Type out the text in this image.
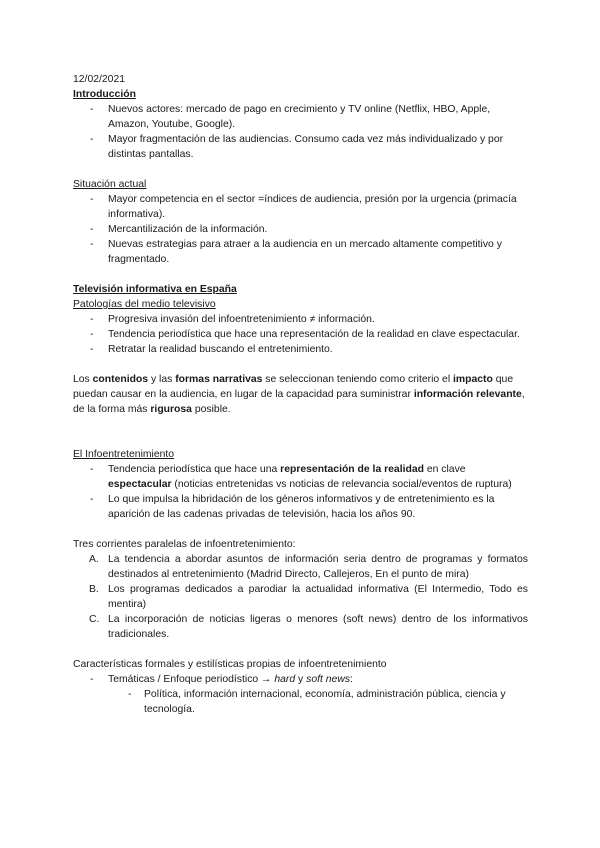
12/02/2021

Introducción

- Nuevos actores: mercado de pago en crecimiento y TV online (Netflix, HBO, Apple, Amazon, Youtube, Google).
- Mayor fragmentación de las audiencias. Consumo cada vez más individualizado y por distintas pantallas.

Situación actual

- Mayor competencia en el sector =índices de audiencia, presión por la urgencia (primacía informativa).
- Mercantilización de la información.
- Nuevas estrategias para atraer a la audiencia en un mercado altamente competitivo y fragmentado.

Televisión informativa en España

Patologías del medio televisivo

- Progresiva invasión del infoentretenimiento ≠ información.
- Tendencia periodística que hace una representación de la realidad en clave espectacular.
- Retratar la realidad buscando el entretenimiento.

Los contenidos y las formas narrativas se seleccionan teniendo como criterio el impacto que puedan causar en la audiencia, en lugar de la capacidad para suministrar información relevante, de la forma más rigurosa posible.

El Infoentretenimiento

- Tendencia periodística que hace una representación de la realidad en clave espectacular (noticias entretenidas vs noticias de relevancia social/eventos de ruptura)
- Lo que impulsa la hibridación de los géneros informativos y de entretenimiento es la aparición de las cadenas privadas de televisión, hacia los años 90.

Tres corrientes paralelas de infoentretenimiento:

A. La tendencia a abordar asuntos de información seria dentro de programas y formatos destinados al entretenimiento (Madrid Directo, Callejeros, En el punto de mira)
B. Los programas dedicados a parodiar la actualidad informativa (El Intermedio, Todo es mentira)
C. La incorporación de noticias ligeras o menores (soft news) dentro de los informativos tradicionales.

Características formales y estilísticas propias de infoentretenimiento

- Temáticas / Enfoque periodístico → hard y soft news:
- Política, información internacional, economía, administración pública, ciencia y tecnología.
